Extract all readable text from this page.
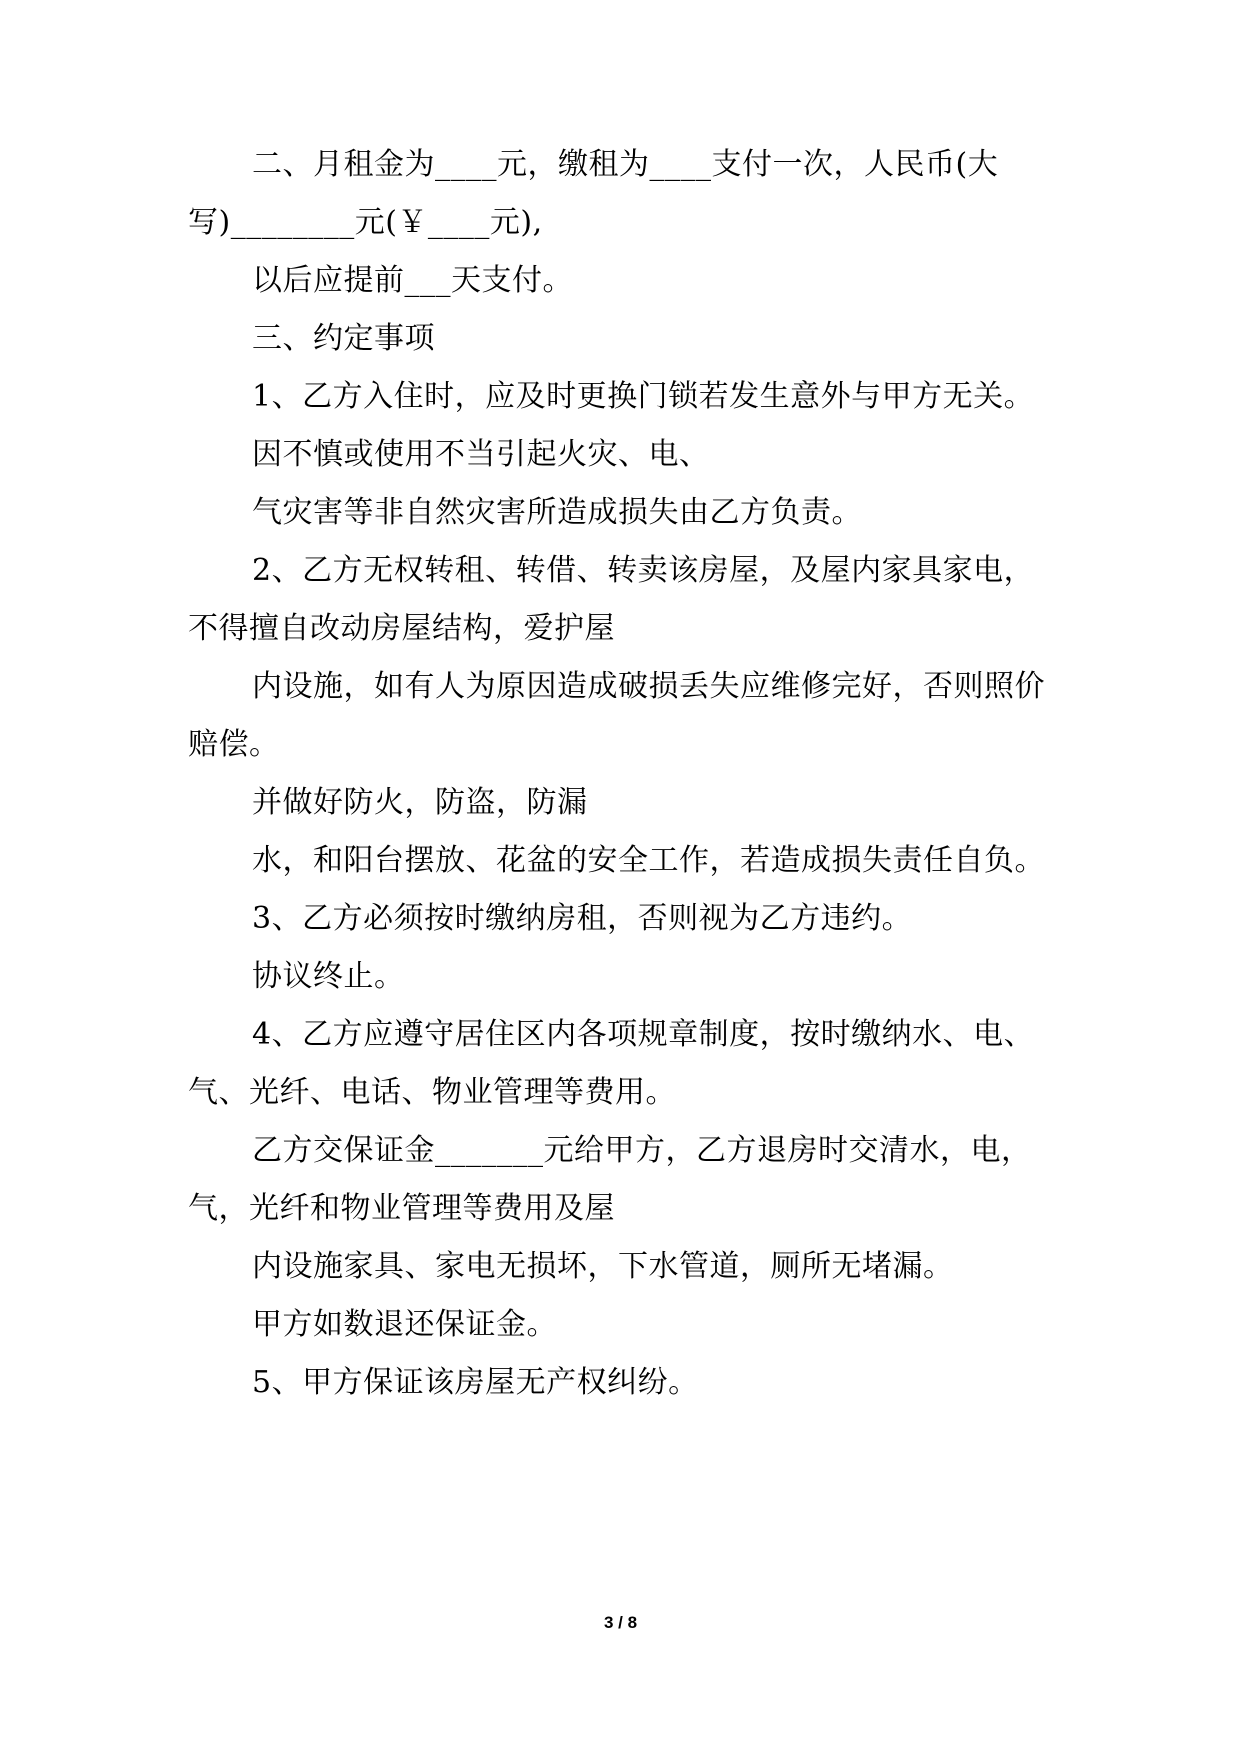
二、月租金为____元，缴租为____支付一次，人民币(大
写)________元(￥____元),
以后应提前___天支付。
三、约定事项
1、乙方入住时，应及时更换门锁若发生意外与甲方无关。
因不慎或使用不当引起火灾、电、
气灾害等非自然灾害所造成损失由乙方负责。
2、乙方无权转租、转借、转卖该房屋，及屋内家具家电，
不得擅自改动房屋结构，爱护屋
内设施，如有人为原因造成破损丢失应维修完好，否则照价
赔偿。
并做好防火，防盗，防漏
水，和阳台摆放、花盆的安全工作，若造成损失责任自负。
3、乙方必须按时缴纳房租，否则视为乙方违约。
协议终止。
4、乙方应遵守居住区内各项规章制度，按时缴纳水、电、
气、光纤、电话、物业管理等费用。
乙方交保证金_______元给甲方，乙方退房时交清水，电，
气，光纤和物业管理等费用及屋
内设施家具、家电无损坏，下水管道，厕所无堵漏。
甲方如数退还保证金。
5、甲方保证该房屋无产权纠纷。
3 / 8
